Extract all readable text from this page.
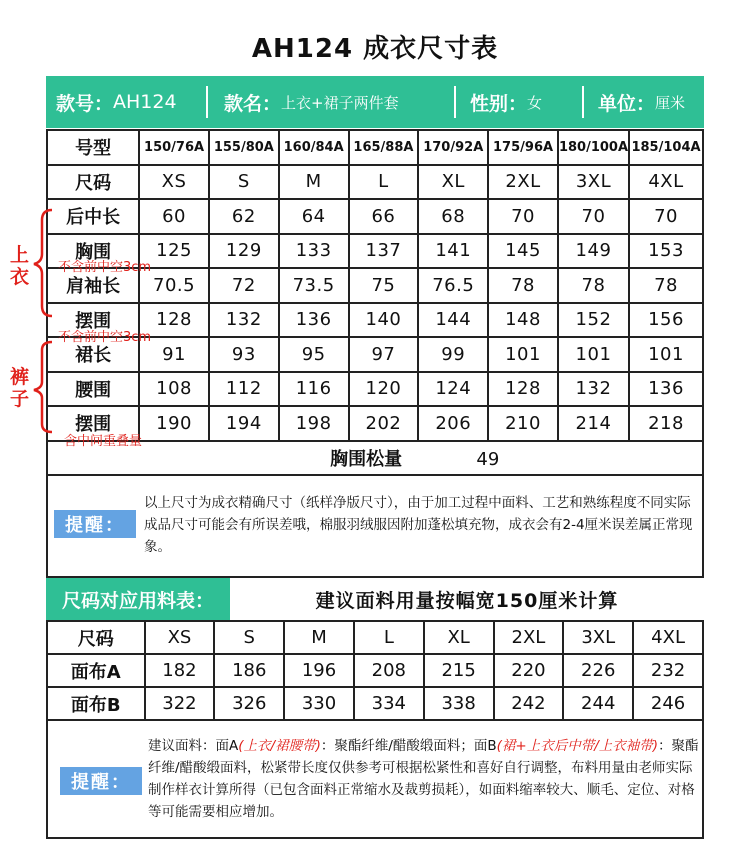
AH124 成衣尺寸表
款号： AH124 款名： 上衣+裙子两件套	性别： 女	单位： 厘米
号型	150/76A	155/80A	160/84A	165/88A	170/92A	175/96A	180/100A	185/104A
尺码	XS	S	M	L	XL	2XL	3XL	4XL
后中长	60	62	64	66	68	70	70	70
胸围	125	129	133	137	141	145	149	153
肩袖长	70.5	72	73.5	75	76.5	78	78	78
摆围	128	132	136	140	144	148	152	156
裙长	91	93	95	97	99	101	101	101
腰围	108	112	116	120	124	128	132	136
摆围	190	194	198	202	206	210	214	218
胸围松量 49								
上衣
裤子
不含前中空3cm
不含前中空3cm
含中间重叠量
提醒：
以上尺寸为成衣精确尺寸（纸样净版尺寸），由于加工过程中面料、工艺和熟练程度不同实际成品尺寸可能会有所误差哦，棉服羽绒服因附加蓬松填充物，成衣会有2-4厘米误差属正常现象。
尺码对应用料表：	建议面料用量按幅宽150厘米计算
尺码	XS	S	M	L	XL	2XL	3XL	4XL
面布A	182	186	196	208	215	220	226	232
面布B	322	326	330	334	338	242	244	246
提醒：
建议面料：面A(上衣/裙腰带)：聚酯纤维/醋酸缎面料；面B(裙+上衣后中带/上衣袖带)：聚酯纤维/醋酸缎面料，松紧带长度仅供参考可根据松紧性和喜好自行调整，布料用量由老师实际制作样衣计算所得（已包含面料正常缩水及裁剪损耗），如面料缩率较大、顺毛、定位、对格等可能需要相应增加。
